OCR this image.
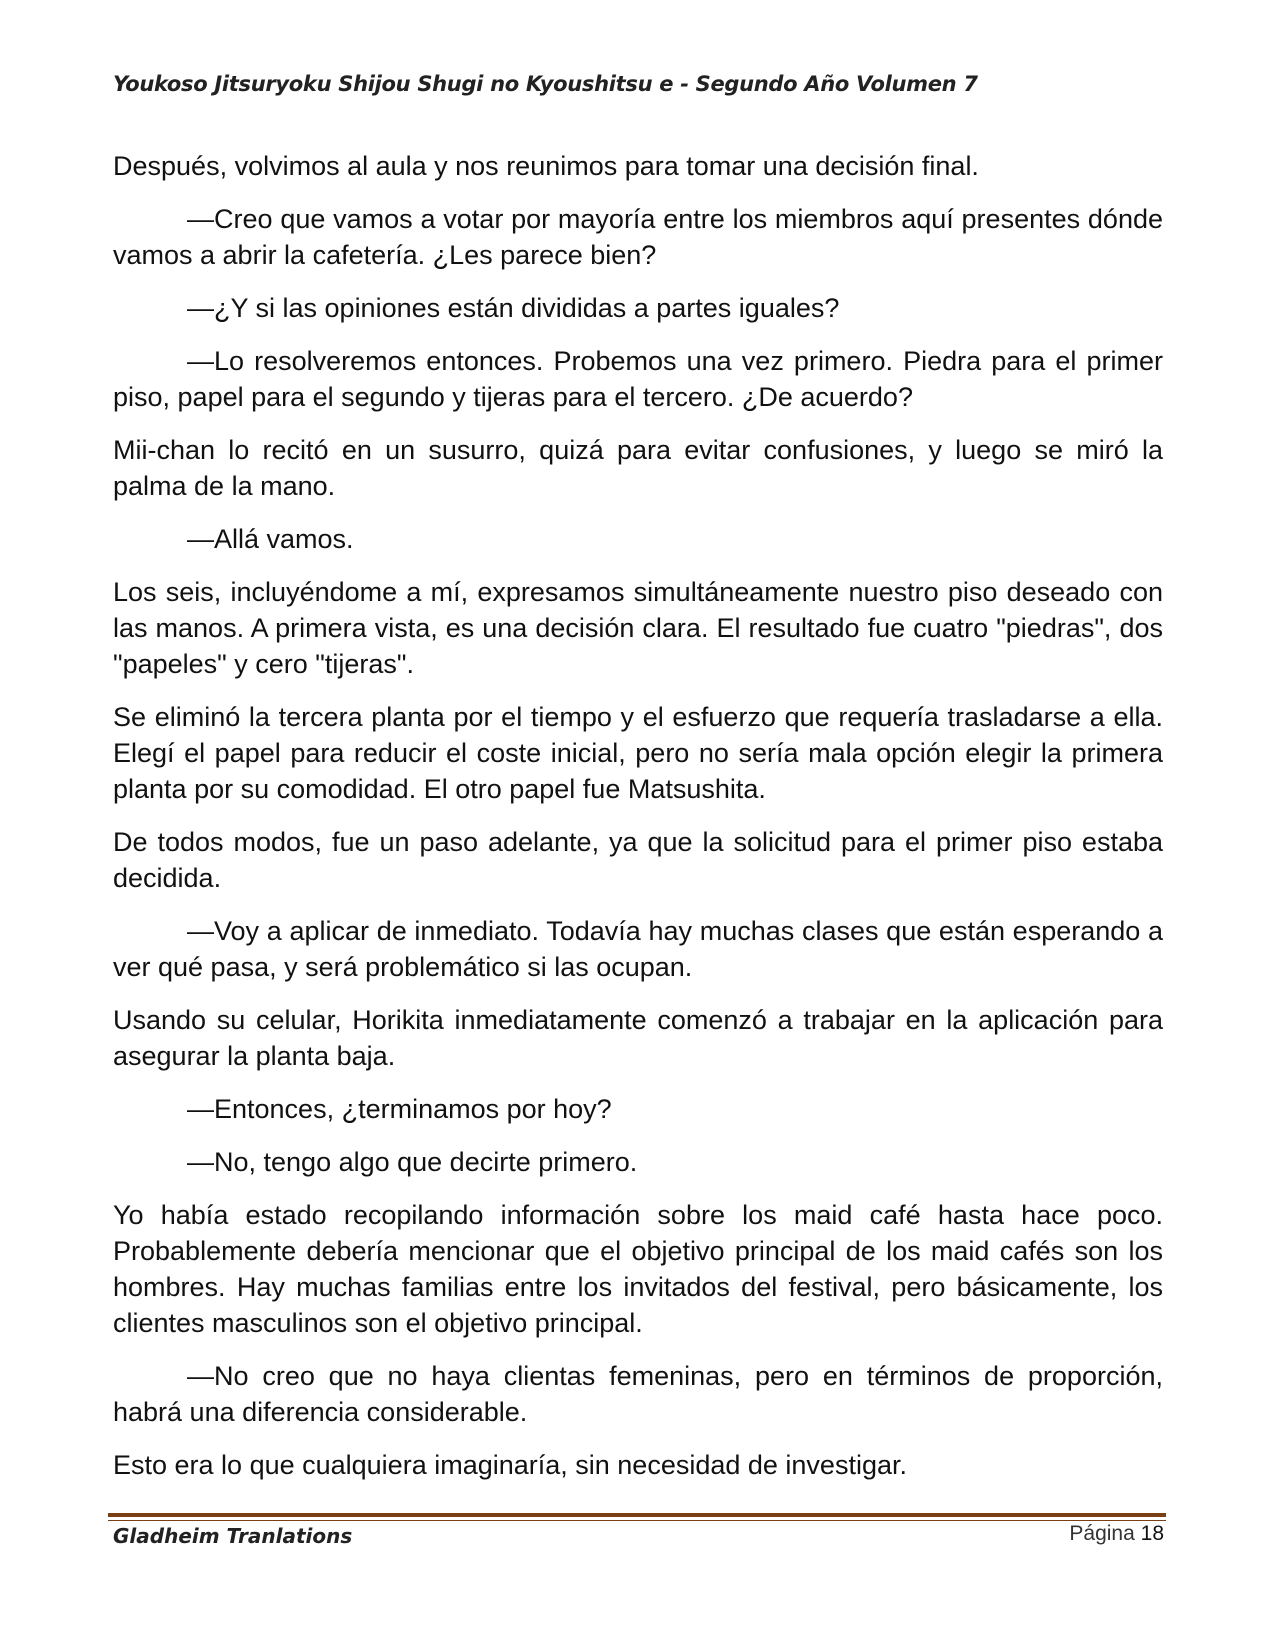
Youkoso Jitsuryoku Shijou Shugi no Kyoushitsu e - Segundo Año Volumen 7

Después, volvimos al aula y nos reunimos para tomar una decisión final.

—Creo que vamos a votar por mayoría entre los miembros aquí presentes dónde vamos a abrir la cafetería. ¿Les parece bien?

—¿Y si las opiniones están divididas a partes iguales?

—Lo resolveremos entonces. Probemos una vez primero. Piedra para el primer piso, papel para el segundo y tijeras para el tercero. ¿De acuerdo?

Mii-chan lo recitó en un susurro, quizá para evitar confusiones, y luego se miró la palma de la mano.

—Allá vamos.

Los seis, incluyéndome a mí, expresamos simultáneamente nuestro piso deseado con las manos. A primera vista, es una decisión clara. El resultado fue cuatro "piedras", dos "papeles" y cero "tijeras".

Se eliminó la tercera planta por el tiempo y el esfuerzo que requería trasladarse a ella. Elegí el papel para reducir el coste inicial, pero no sería mala opción elegir la primera planta por su comodidad. El otro papel fue Matsushita.

De todos modos, fue un paso adelante, ya que la solicitud para el primer piso estaba decidida.

—Voy a aplicar de inmediato. Todavía hay muchas clases que están esperando a ver qué pasa, y será problemático si las ocupan.

Usando su celular, Horikita inmediatamente comenzó a trabajar en la aplicación para asegurar la planta baja.

—Entonces, ¿terminamos por hoy?

—No, tengo algo que decirte primero.

Yo había estado recopilando información sobre los maid café hasta hace poco. Probablemente debería mencionar que el objetivo principal de los maid cafés son los hombres. Hay muchas familias entre los invitados del festival, pero básicamente, los clientes masculinos son el objetivo principal.

—No creo que no haya clientas femeninas, pero en términos de proporción, habrá una diferencia considerable.

Esto era lo que cualquiera imaginaría, sin necesidad de investigar.

Gladheim Tranlations	Página 18
